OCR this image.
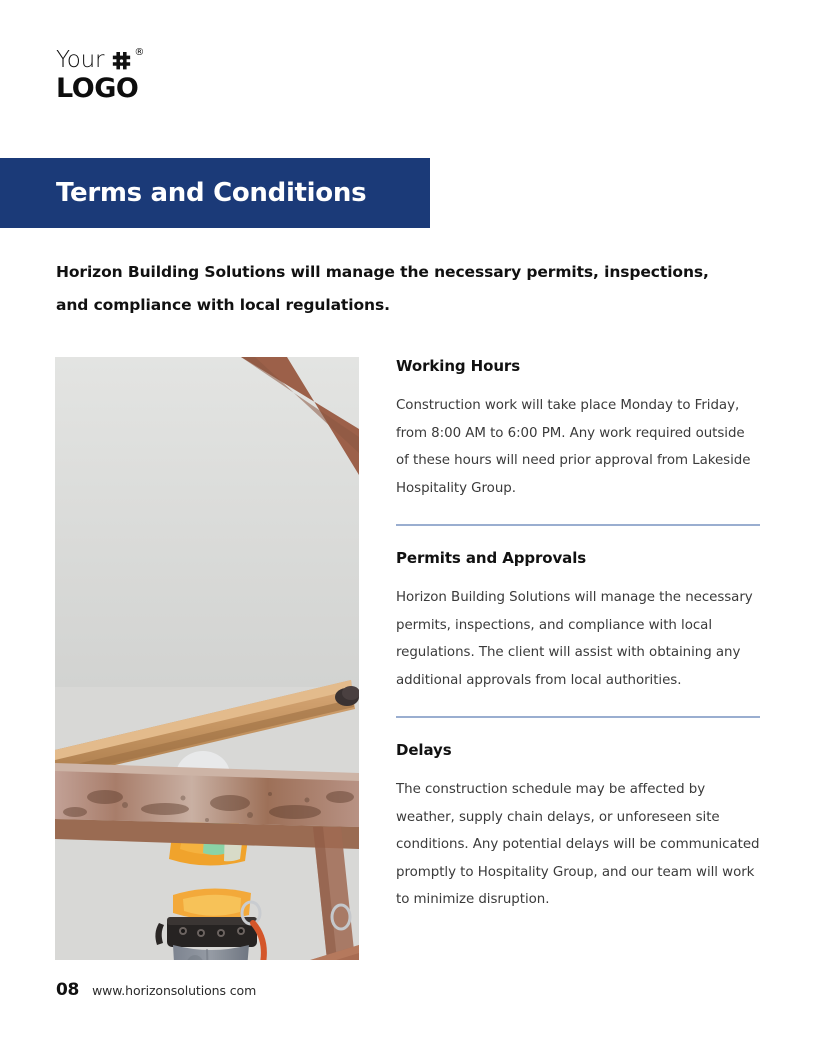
Your	®
LOGO
Terms and Conditions

Horizon Building Solutions will manage the necessary permits, inspections, and compliance with local regulations.

Working Hours
Construction work will take place Monday to Friday, from 8:00 AM to 6:00 PM. Any work required outside of these hours will need prior approval from Lakeside Hospitality Group.
Permits and Approvals
Horizon Building Solutions will manage the necessary permits, inspections, and compliance with local regulations. The client will assist with obtaining any additional approvals from local authorities.
Delays
The construction schedule may be affected by weather, supply chain delays, or unforeseen site conditions. Any potential delays will be communicated promptly to Hospitality Group, and our team will work to minimize disruption.
08 www.horizonsolutions com
